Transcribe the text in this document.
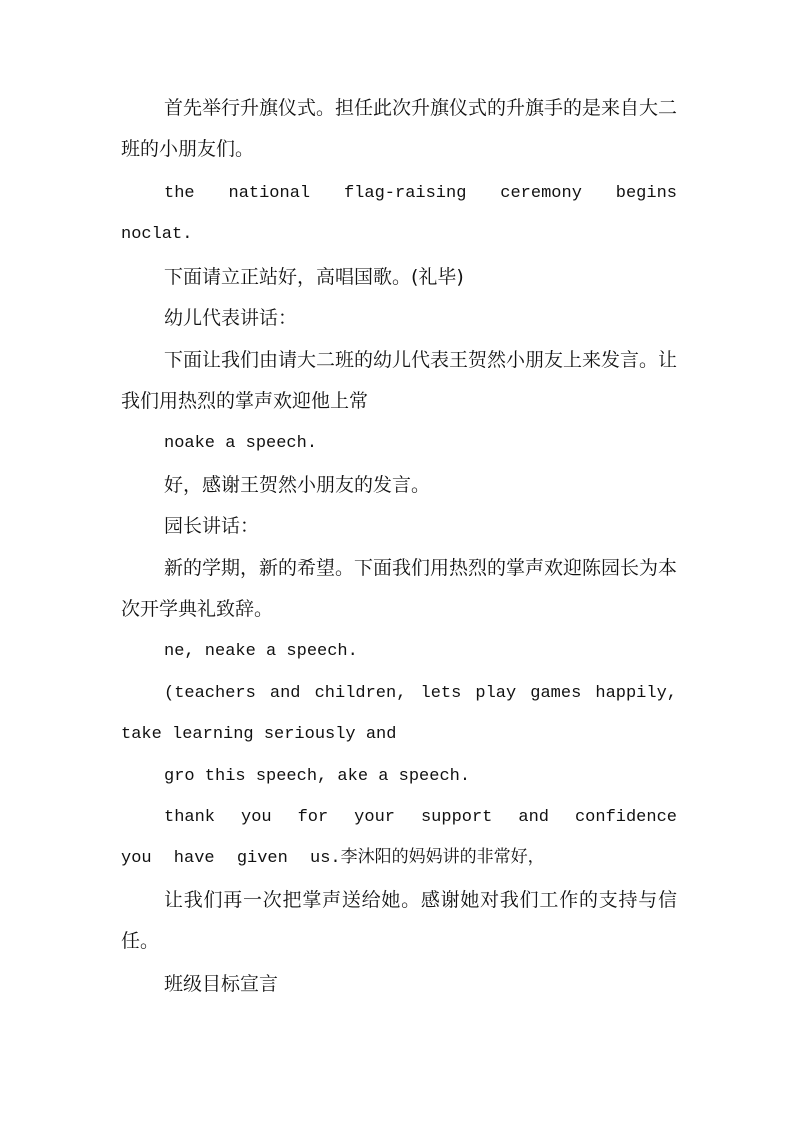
首先举行升旗仪式。担任此次升旗仪式的升旗手的是来自大二班的小朋友们。

the national flag-raising ceremony begins noclat.

下面请立正站好，高唱国歌。(礼毕)

幼儿代表讲话：

下面让我们由请大二班的幼儿代表王贺然小朋友上来发言。让我们用热烈的掌声欢迎他上常

noake a speech.

好，感谢王贺然小朋友的发言。

园长讲话：

新的学期，新的希望。下面我们用热烈的掌声欢迎陈园长为本次开学典礼致辞。

ne, neake a speech.

(teachers and children, lets play games happily, take learning seriously and

gro this speech, ake a speech.

thank you for your support and confidence you have given us.李沐阳的妈妈讲的非常好，

让我们再一次把掌声送给她。感谢她对我们工作的支持与信任。

班级目标宣言
